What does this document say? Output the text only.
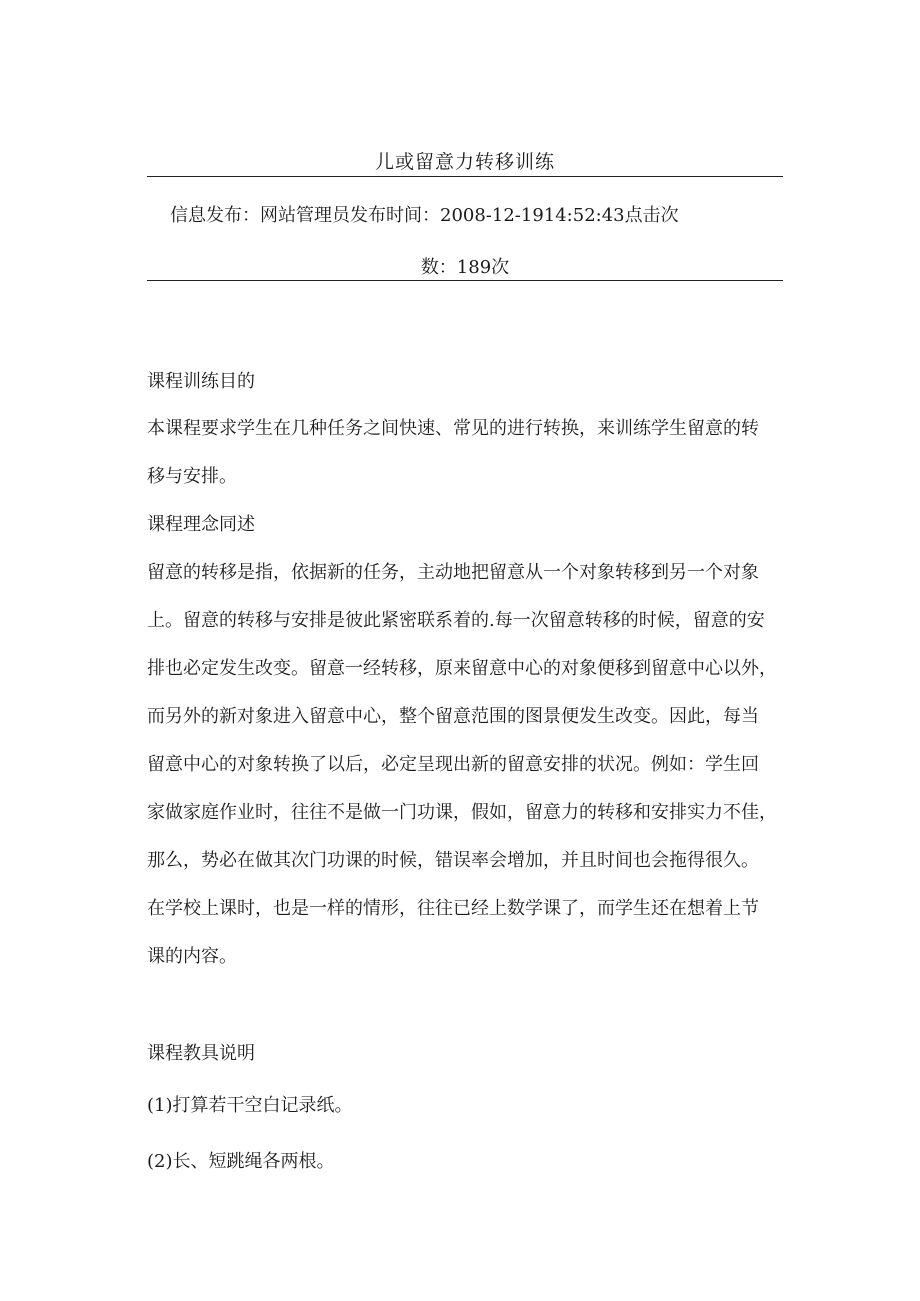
儿或留意力转移训练
信息发布：网站管理员发布时间：2008-12-1914:52:43点击次
数：189次
课程训练目的
本课程要求学生在几种任务之间快速、常见的进行转换，来训练学生留意的转
移与安排。
课程理念同述
留意的转移是指，依据新的任务，主动地把留意从一个对象转移到另一个对象
上。留意的转移与安排是彼此紧密联系着的.每一次留意转移的时候，留意的安
排也必定发生改变。留意一经转移，原来留意中心的对象便移到留意中心以外，
而另外的新对象进入留意中心，整个留意范围的图景便发生改变。因此，每当
留意中心的对象转换了以后，必定呈现出新的留意安排的状况。例如：学生回
家做家庭作业时，往往不是做一门功课，假如，留意力的转移和安排实力不佳，
那么，势必在做其次门功课的时候，错误率会增加，并且时间也会拖得很久。
在学校上课时，也是一样的情形，往往已经上数学课了，而学生还在想着上节
课的内容。
课程教具说明
(1)打算若干空白记录纸。
(2)长、短跳绳各两根。
